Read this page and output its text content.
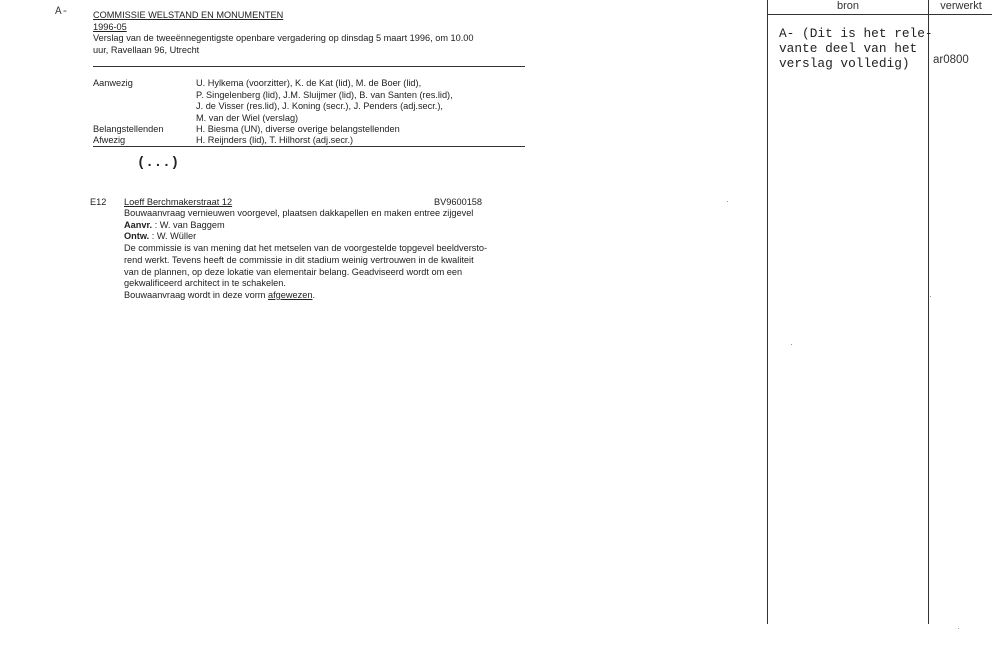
A-	COMMISSIE WELSTAND EN MONUMENTEN
1996-05
Verslag van de tweeënnegentigste openbare vergadering op dinsdag 5 maart 1996, om 10.00
uur, Ravellaan 96, Utrecht
Aanwezig	U. Hylkema (voorzitter), K. de Kat (lid), M. de Boer (lid),
P. Singelenberg (lid), J.M. Sluijmer (lid), B. van Santen (res.lid),
J. de Visser (res.lid), J. Koning (secr.), J. Penders (adj.secr.),
M. van der Wiel (verslag)
Belangstellenden	H. Biesma (UN), diverse overige belangstellenden
Afwezig	H. Reijnders (lid), T. Hilhorst (adj.secr.)
(...)
E12 Loeff Berchmakerstraat 12	BV9600158
Bouwaanvraag vernieuwen voorgevel, plaatsen dakkapellen en maken entree zijgevel
Aanvr. : W. van Baggem
Ontw. : W. Wüller
De commissie is van mening dat het metselen van de voorgestelde topgevel beeldversto-
rend werkt. Tevens heeft de commissie in dit stadium weinig vertrouwen in de kwaliteit
van de plannen, op deze lokatie van elementair belang. Geadviseerd wordt om een
gekwalificeerd architect in te schakelen.
Bouwaanvraag wordt in deze vorm afgewezen.
bron	verwerkt
A- (Dit is het rele-
vante deel van het
verslag volledig)	ar0800
